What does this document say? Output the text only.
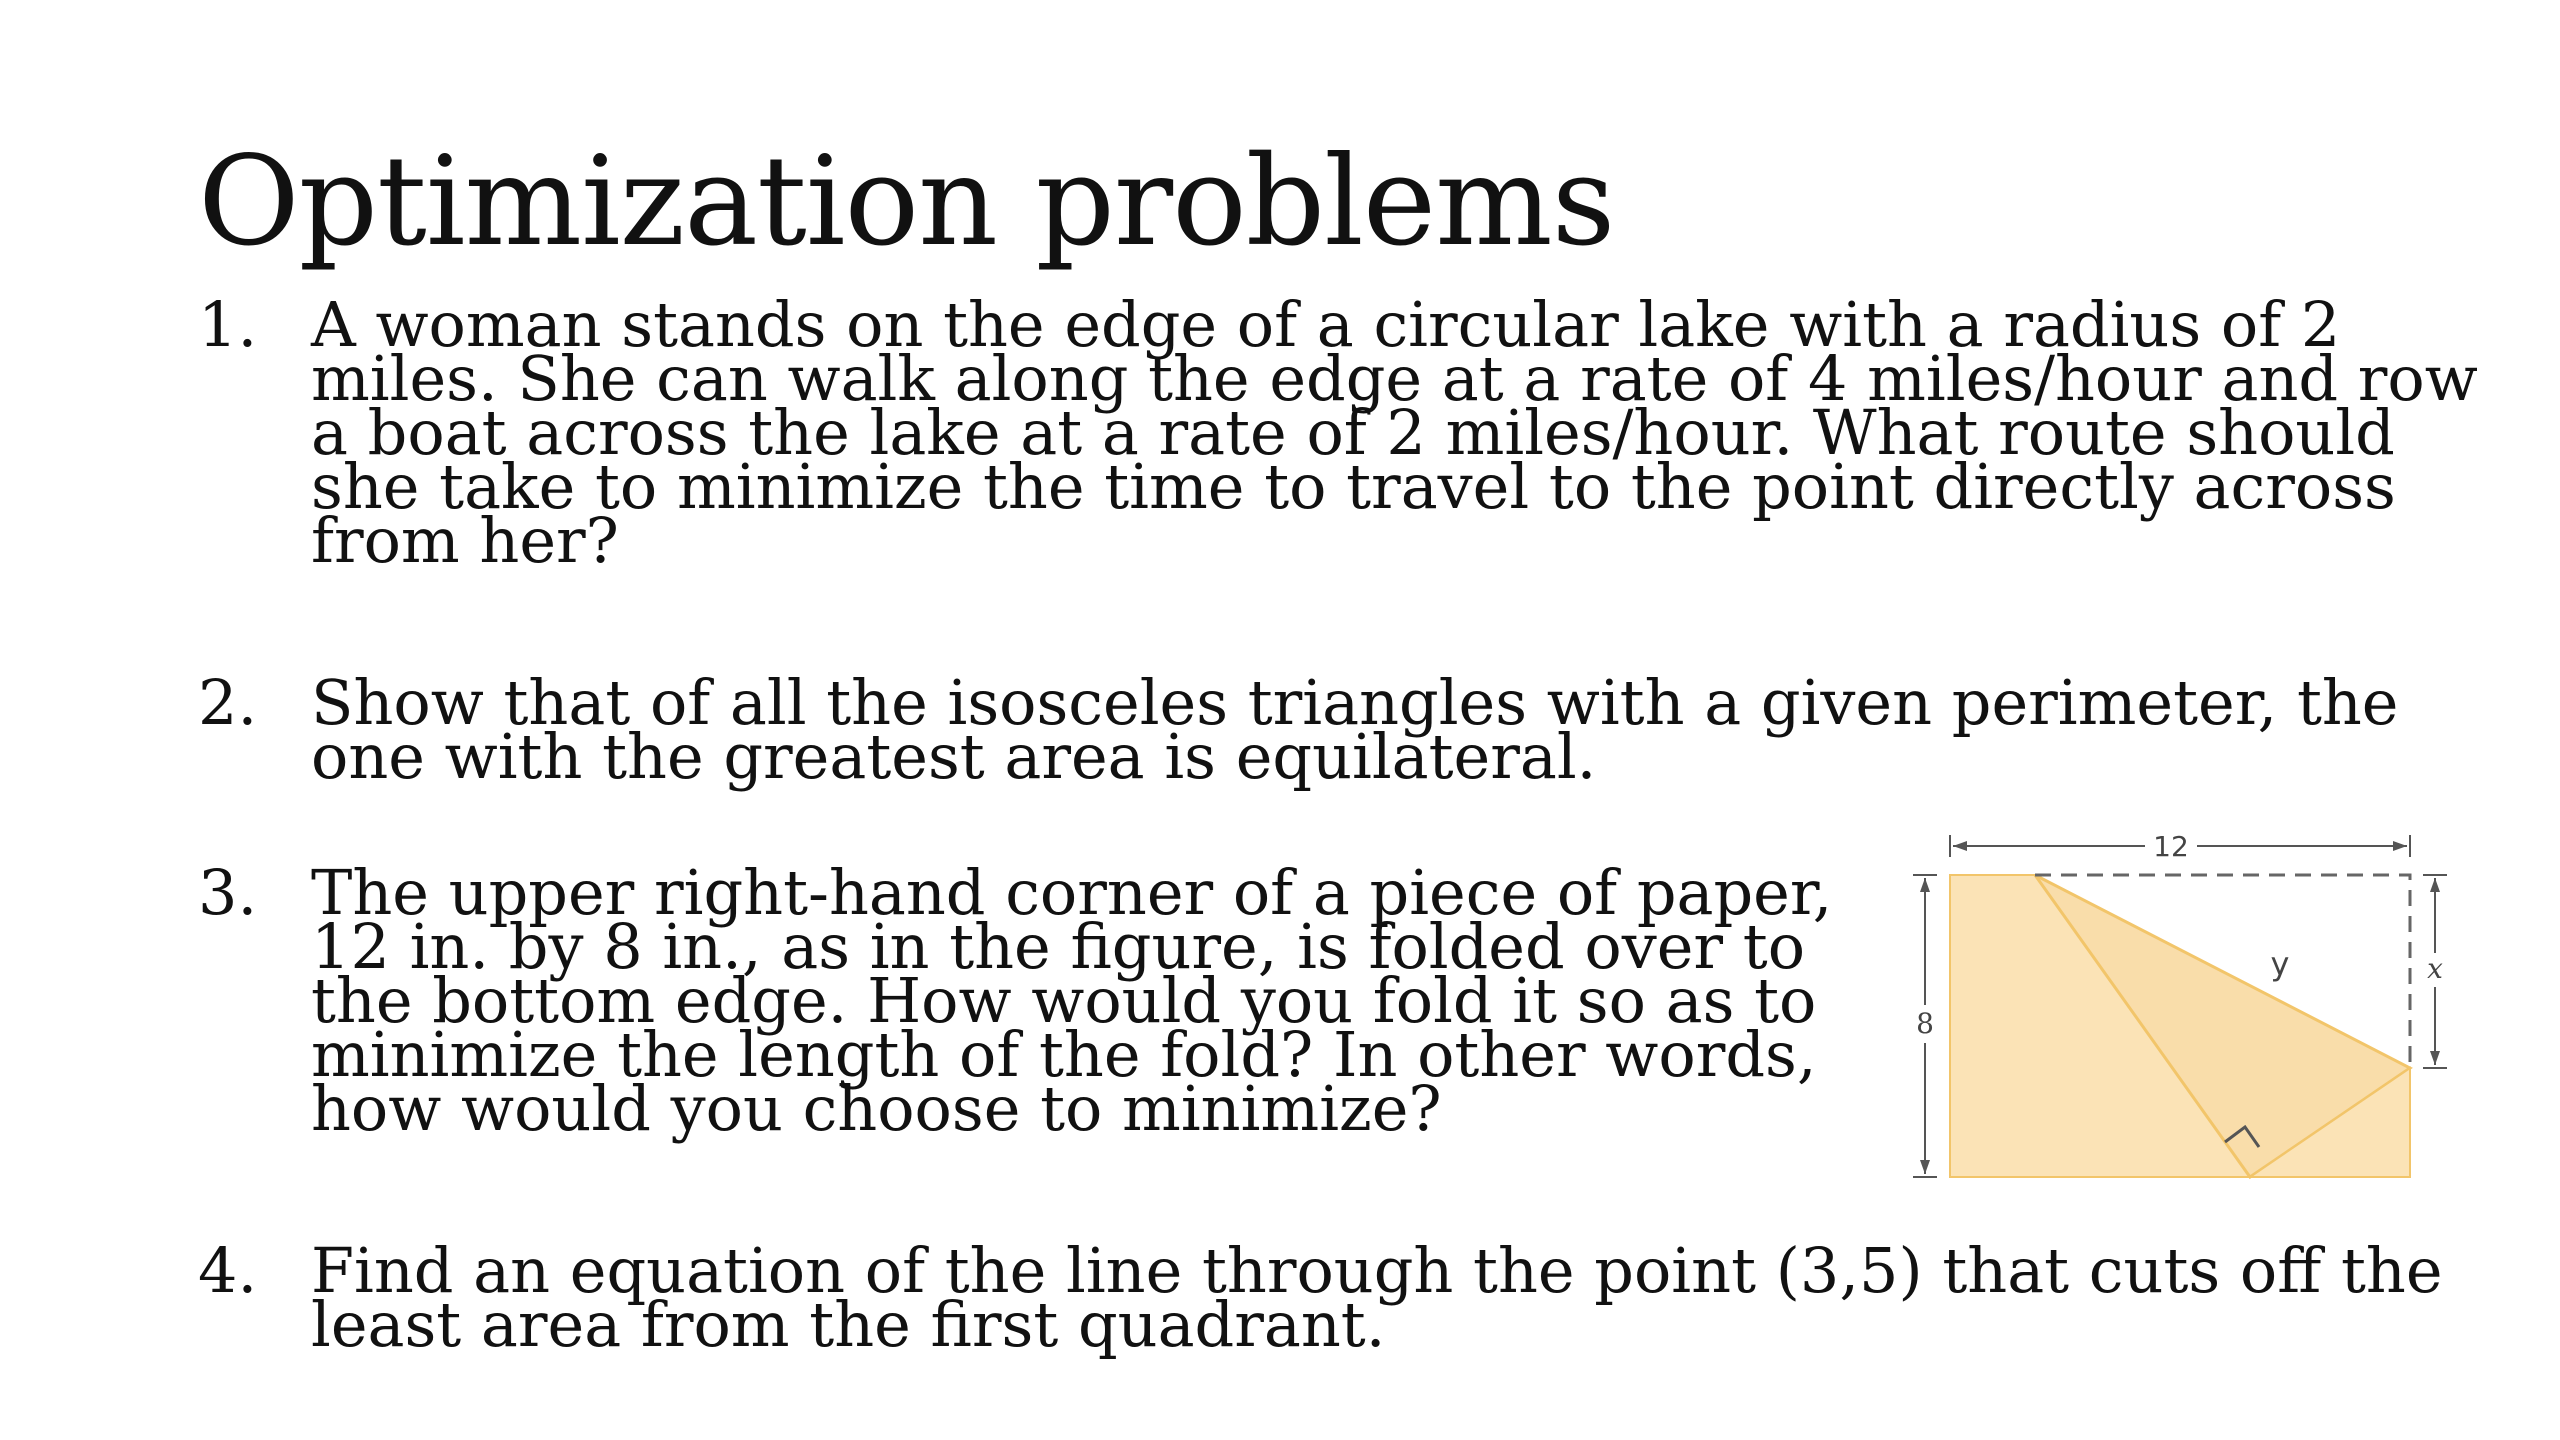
Optimization problems
1. A woman stands on the edge of a circular lake with a radius of 2 miles. She can walk along the edge at a rate of 4 miles/hour and row a boat across the lake at a rate of 2 miles/hour. What route should she take to minimize the time to travel to the point directly across from her?
2. Show that of all the isosceles triangles with a given perimeter, the one with the greatest area is equilateral.
3. The upper right-hand corner of a piece of paper, 12 in. by 8 in., as in the figure, is folded over to the bottom edge. How would you fold it so as to minimize the length of the fold? In other words, how would you choose to minimize?
4. Find an equation of the line through the point (3,5) that cuts off the least area from the first quadrant.
12
8
x
y
